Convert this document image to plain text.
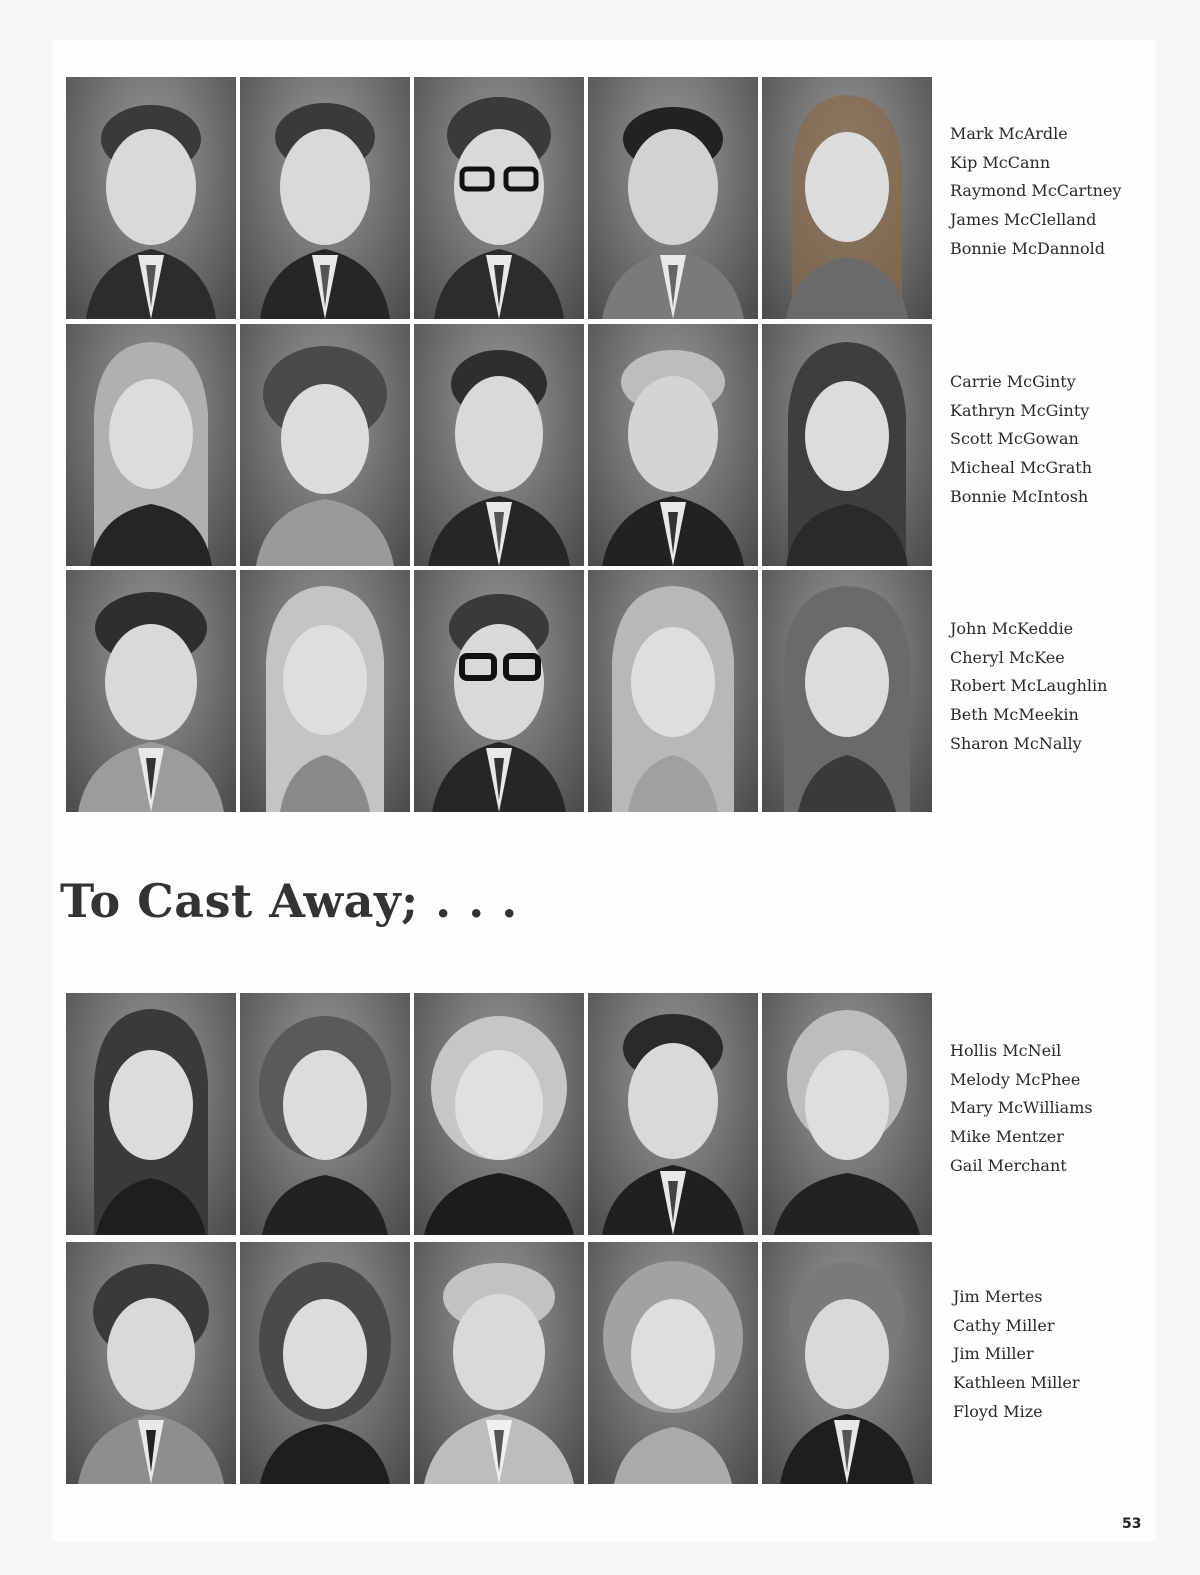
Mark McArdle
Kip McCann
Raymond McCartney
James McClelland
Bonnie McDannold
Carrie McGinty
Kathryn McGinty
Scott McGowan
Micheal McGrath
Bonnie McIntosh
John McKeddie
Cheryl McKee
Robert McLaughlin
Beth McMeekin
Sharon McNally
To Cast Away; . . .
Hollis McNeil
Melody McPhee
Mary McWilliams
Mike Mentzer
Gail Merchant
Jim Mertes
Cathy Miller
Jim Miller
Kathleen Miller
Floyd Mize
53
